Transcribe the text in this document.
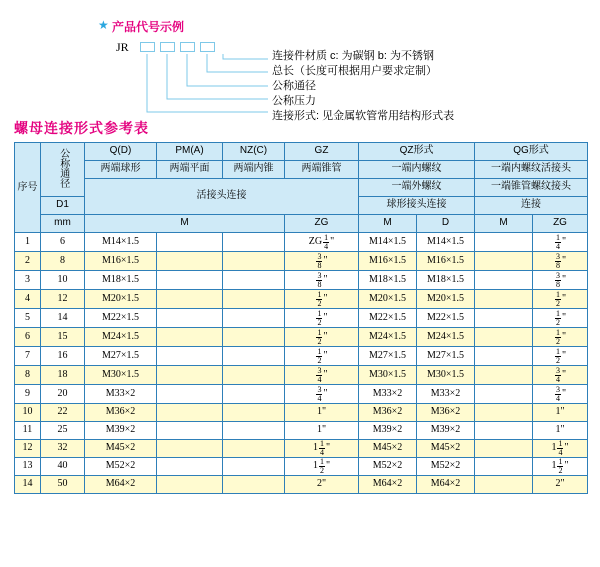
★ 产品代号示例
JR
连接件材质 c: 为碳钢 b: 为不锈钢
总长（长度可根据用户要求定制）
公称通径
公称压力
连接形式: 见金属软管常用结构形式表
螺母连接形式参考表
序号	公称通径	Q(D)	PM(A)	NZ(C)	GZ	QZ形式		QG形式	
		两端球形	两端平面	两端内锥	两端锥管	一端内螺纹		一端内螺纹活接头	
		活接头连接				一端外螺纹		一端锥管螺纹接头	
	D1					球形接头连接		连接	
	mm	M			ZG	M	D	M	ZG
1	6	M14×1.5			ZG $\frac{1}{4}$ "	M14×1.5	M14×1.5		$\frac{1}{4}$ "
2	8	M16×1.5			$\frac{3}{8}$ "	M16×1.5	M16×1.5		$\frac{3}{8}$ "
3	10	M18×1.5			$\frac{3}{8}$ "	M18×1.5	M18×1.5		$\frac{3}{8}$ "
4	12	M20×1.5			$\frac{1}{2}$ "	M20×1.5	M20×1.5		$\frac{1}{2}$ "
5	14	M22×1.5			$\frac{1}{2}$ "	M22×1.5	M22×1.5		$\frac{1}{2}$ "
6	15	M24×1.5			$\frac{1}{2}$ "	M24×1.5	M24×1.5		$\frac{1}{2}$ "
7	16	M27×1.5			$\frac{1}{2}$ "	M27×1.5	M27×1.5		$\frac{1}{2}$ "
8	18	M30×1.5			$\frac{3}{4}$ "	M30×1.5	M30×1.5		$\frac{3}{4}$ "
9	20	M33×2			$\frac{3}{4}$ "	M33×2	M33×2		$\frac{3}{4}$ "
10	22	M36×2			1"	M36×2	M36×2		1"
11	25	M39×2			1"	M39×2	M39×2		1"
12	32	M45×2			$1 \frac{1}{4}$ "	M45×2	M45×2		$1 \frac{1}{4}$ "
13	40	M52×2			$1 \frac{1}{2}$ "	M52×2	M52×2		$1 \frac{1}{2}$ "
14	50	M64×2			2"	M64×2	M64×2		2"
